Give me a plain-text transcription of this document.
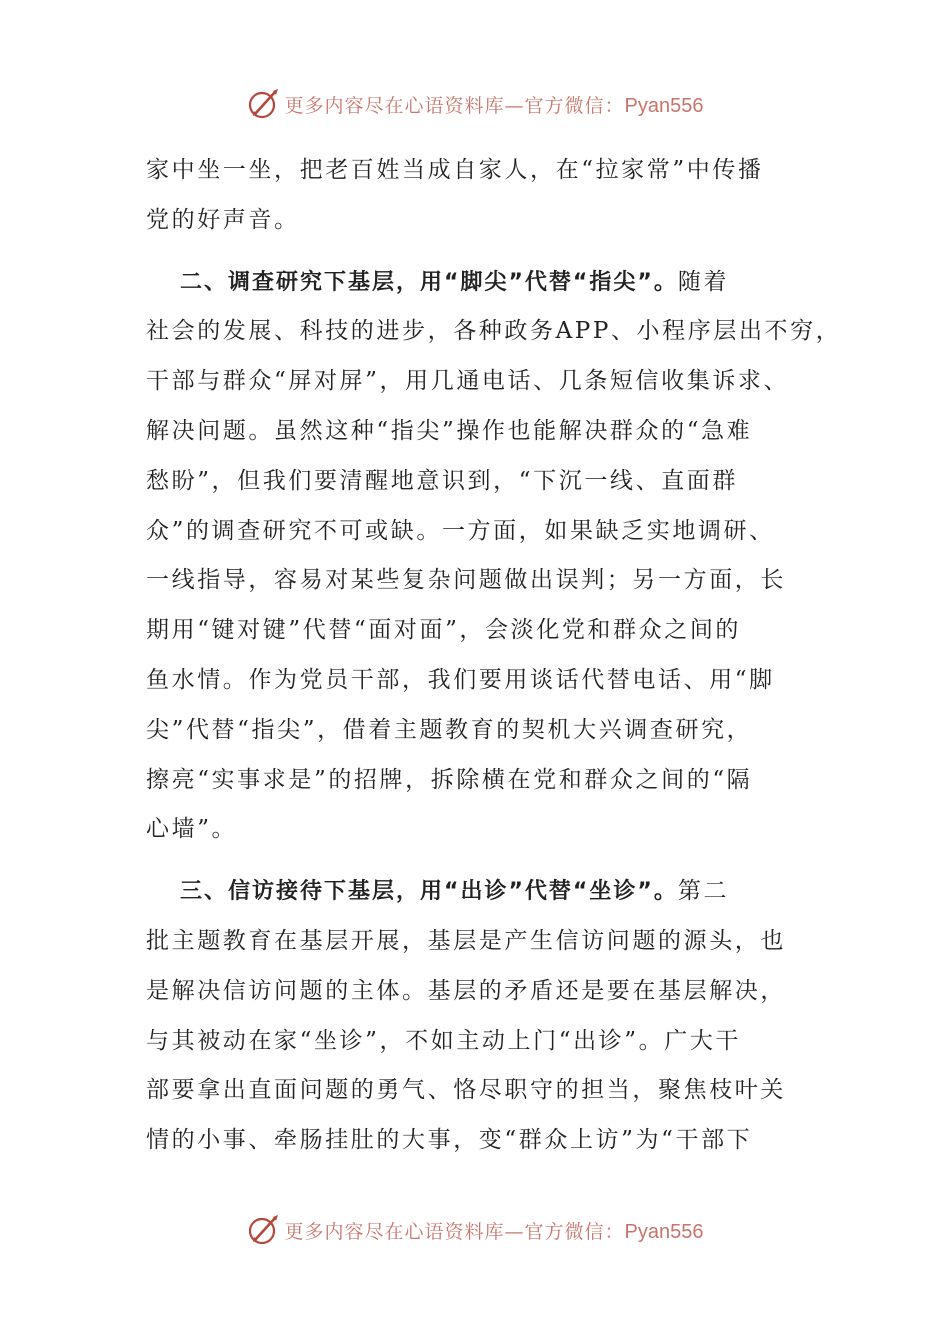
更多内容尽在心语资料库—官方微信：Pyan556
家中坐一坐，把老百姓当成自家人，在“拉家常”中传播
党的好声音。
二、调查研究下基层，用“脚尖”代替“指尖”。随着
社会的发展、科技的进步，各种政务APP、小程序层出不穷，
干部与群众“屏对屏”，用几通电话、几条短信收集诉求、
解决问题。虽然这种“指尖”操作也能解决群众的“急难
愁盼”，但我们要清醒地意识到，“下沉一线、直面群
众”的调查研究不可或缺。一方面，如果缺乏实地调研、
一线指导，容易对某些复杂问题做出误判；另一方面，长
期用“键对键”代替“面对面”，会淡化党和群众之间的
鱼水情。作为党员干部，我们要用谈话代替电话、用“脚
尖”代替“指尖”，借着主题教育的契机大兴调查研究，
擦亮“实事求是”的招牌，拆除横在党和群众之间的“隔
心墙”。
三、信访接待下基层，用“出诊”代替“坐诊”。第二
批主题教育在基层开展，基层是产生信访问题的源头，也
是解决信访问题的主体。基层的矛盾还是要在基层解决，
与其被动在家“坐诊”，不如主动上门“出诊”。广大干
部要拿出直面问题的勇气、恪尽职守的担当，聚焦枝叶关
情的小事、牵肠挂肚的大事，变“群众上访”为“干部下
更多内容尽在心语资料库—官方微信：Pyan556
